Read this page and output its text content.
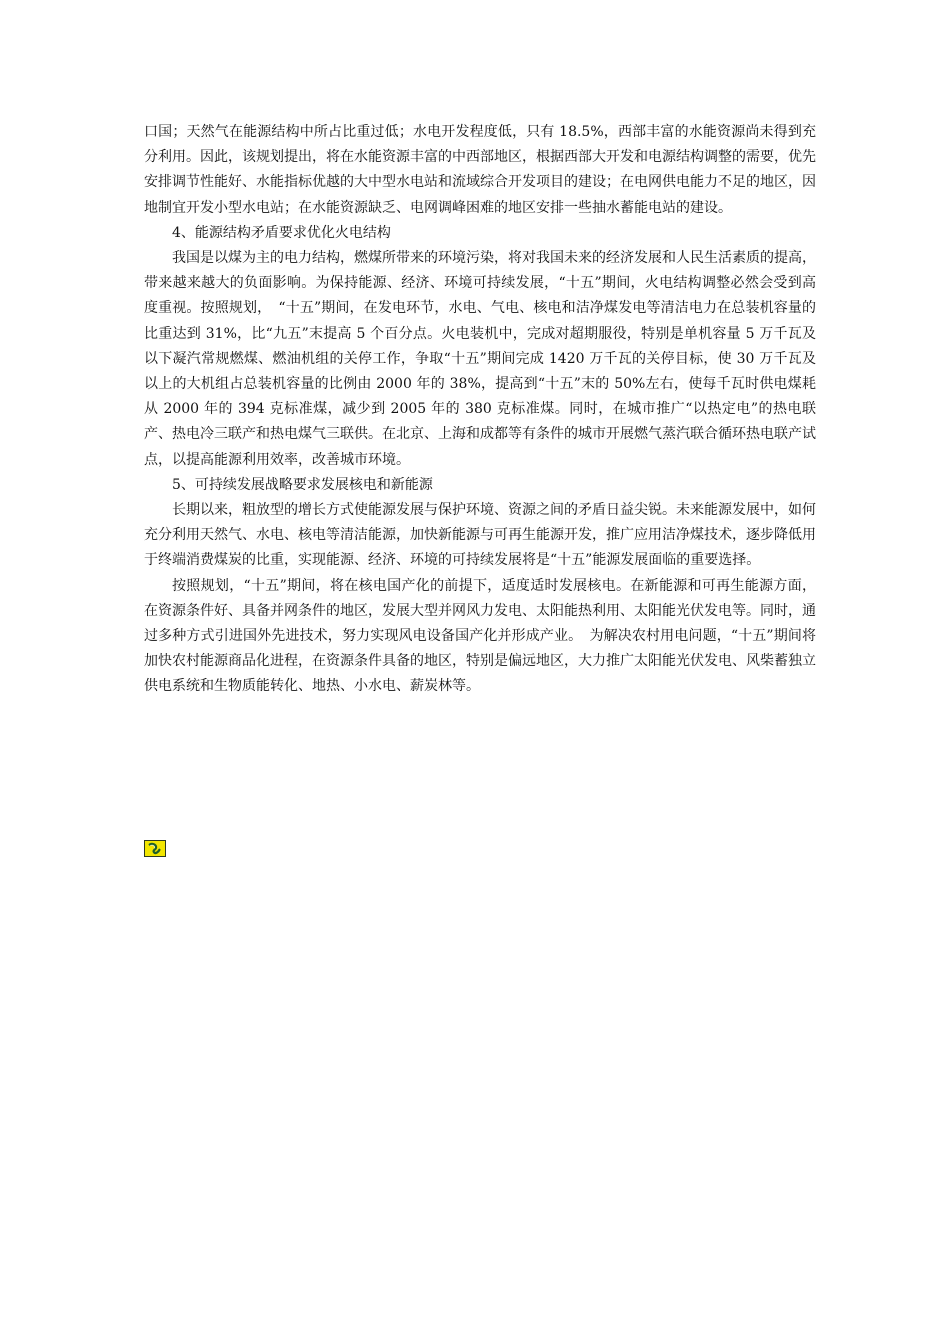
口国；天然气在能源结构中所占比重过低；水电开发程度低，只有 18.5%，西部丰富的水能资源尚未得到充分利用。因此，该规划提出，将在水能资源丰富的中西部地区，根据西部大开发和电源结构调整的需要，优先安排调节性能好、水能指标优越的大中型水电站和流域综合开发项目的建设；在电网供电能力不足的地区，因地制宜开发小型水电站；在水能资源缺乏、电网调峰困难的地区安排一些抽水蓄能电站的建设。

4、能源结构矛盾要求优化火电结构

我国是以煤为主的电力结构，燃煤所带来的环境污染，将对我国未来的经济发展和人民生活素质的提高，带来越来越大的负面影响。为保持能源、经济、环境可持续发展，“十五”期间，火电结构调整必然会受到高度重视。按照规划，　“十五”期间，在发电环节，水电、气电、核电和洁净煤发电等清洁电力在总装机容量的比重达到 31%，比“九五”末提高 5 个百分点。火电装机中，完成对超期服役，特别是单机容量 5 万千瓦及以下凝汽常规燃煤、燃油机组的关停工作，争取“十五”期间完成 1420 万千瓦的关停目标，使 30 万千瓦及以上的大机组占总装机容量的比例由 2000 年的 38%，提高到“十五”末的 50%左右，使每千瓦时供电煤耗从 2000 年的 394 克标准煤，减少到 2005 年的 380 克标准煤。同时，在城市推广“以热定电”的热电联产、热电冷三联产和热电煤气三联供。在北京、上海和成都等有条件的城市开展燃气蒸汽联合循环热电联产试点，以提高能源利用效率，改善城市环境。

5、可持续发展战略要求发展核电和新能源

长期以来，粗放型的增长方式使能源发展与保护环境、资源之间的矛盾日益尖锐。未来能源发展中，如何充分利用天然气、水电、核电等清洁能源，加快新能源与可再生能源开发，推广应用洁净煤技术，逐步降低用于终端消费煤炭的比重，实现能源、经济、环境的可持续发展将是“十五”能源发展面临的重要选择。

按照规划，“十五”期间，将在核电国产化的前提下，适度适时发展核电。在新能源和可再生能源方面，在资源条件好、具备并网条件的地区，发展大型并网风力发电、太阳能热利用、太阳能光伏发电等。同时，通过多种方式引进国外先进技术，努力实现风电设备国产化并形成产业。　为解决农村用电问题，“十五”期间将加快农村能源商品化进程，在资源条件具备的地区，特别是偏远地区，大力推广太阳能光伏发电、风柴蓄独立供电系统和生物质能转化、地热、小水电、薪炭林等。
